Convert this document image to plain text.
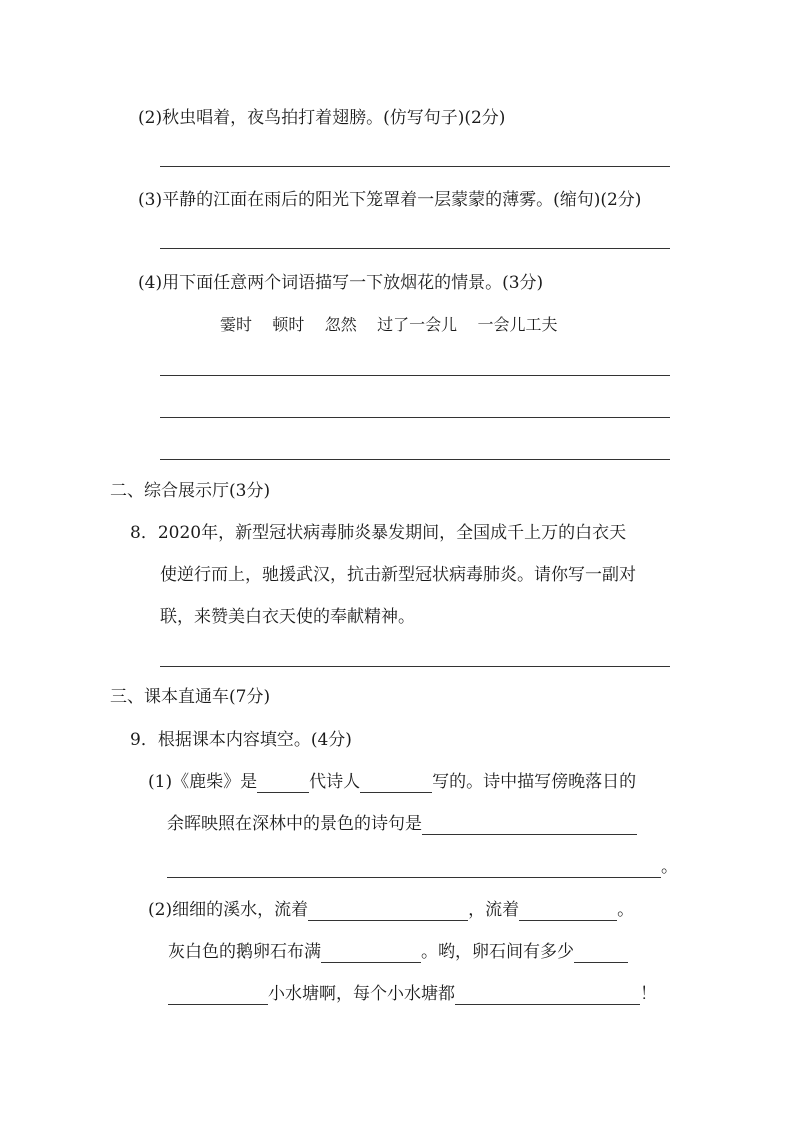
(2)秋虫唱着，夜鸟拍打着翅膀。(仿写句子)(2分)
(3)平静的江面在雨后的阳光下笼罩着一层蒙蒙的薄雾。(缩句)(2分)
(4)用下面任意两个词语描写一下放烟花的情景。(3分)
霎时 顿时 忽然 过了一会儿 一会儿工夫
二、综合展示厅(3分)
8．2020年，新型冠状病毒肺炎暴发期间，全国成千上万的白衣天
使逆行而上，驰援武汉，抗击新型冠状病毒肺炎。请你写一副对
联，来赞美白衣天使的奉献精神。
三、课本直通车(7分)
9．根据课本内容填空。(4分)
(1)《鹿柴》是	代诗人	写的。诗中描写傍晚落日的
余晖映照在深林中的景色的诗句是
。
(2)细细的溪水，流着	，流着	。
灰白色的鹅卵石布满	。哟，卵石间有多少
小水塘啊，每个小水塘都	！
